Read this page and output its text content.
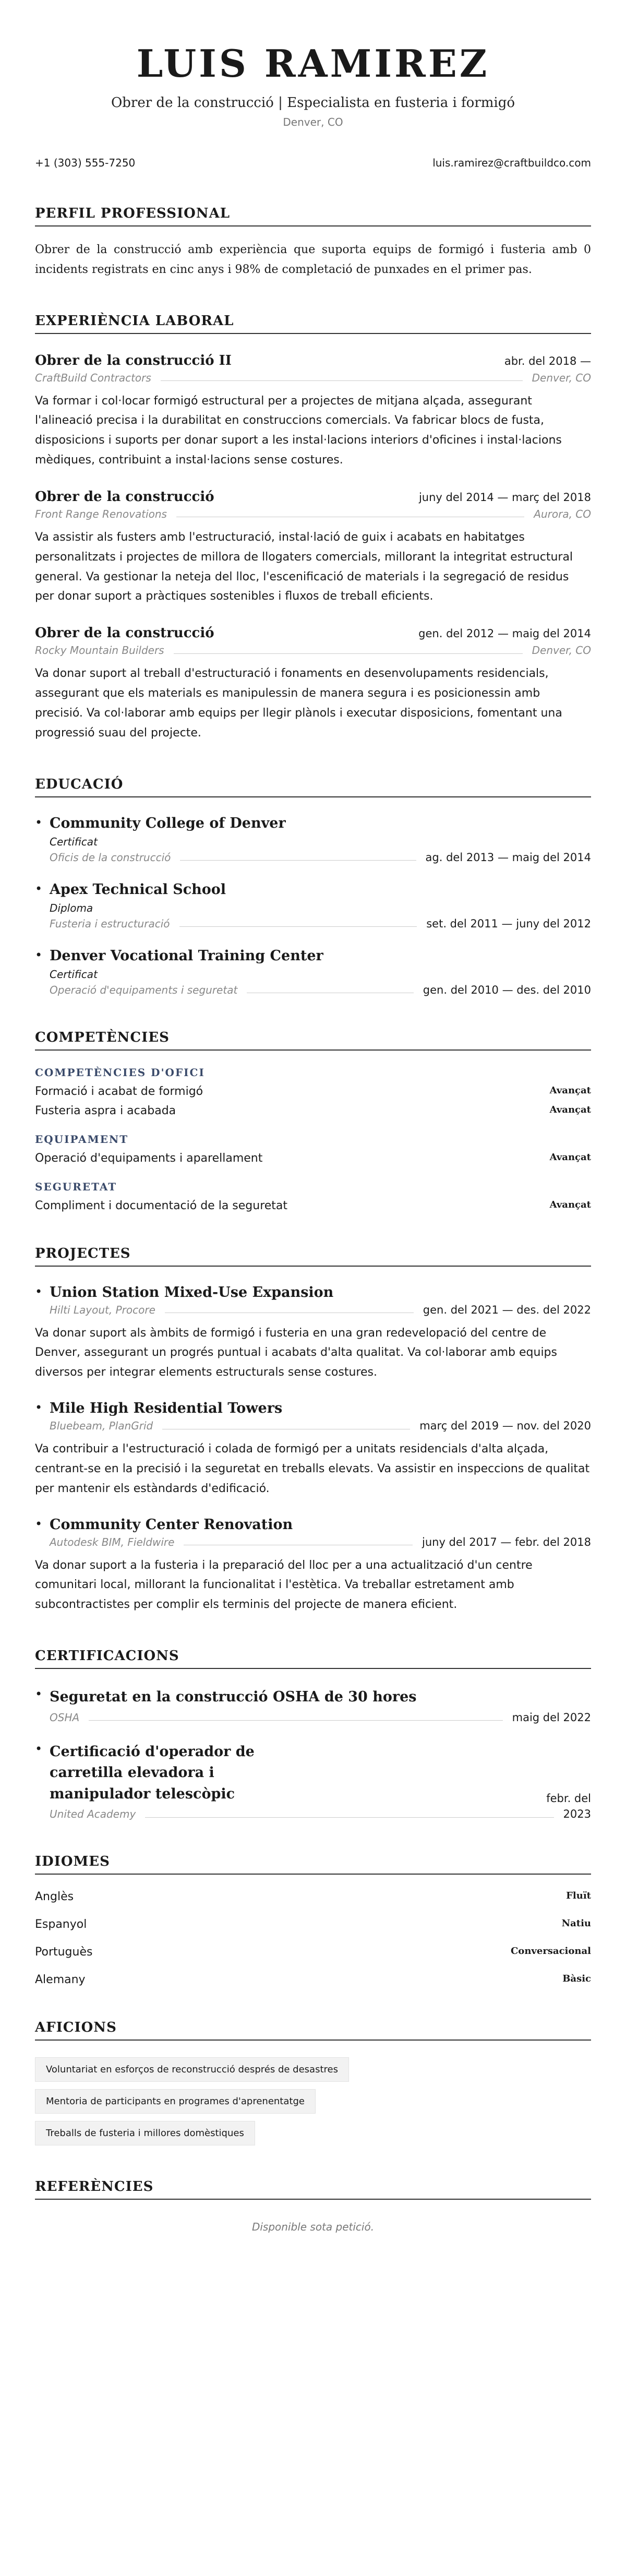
LUIS RAMIREZ
Obrer de la construcció | Especialista en fusteria i formigó
Denver, CO
+1 (303) 555-7250	luis.ramirez@craftbuildco.com
PERFIL PROFESSIONAL
Obrer de la construcció amb experiència que suporta equips de formigó i fusteria amb 0 incidents registrats en cinc anys i 98% de completació de punxades en el primer pas.
EXPERIÈNCIA LABORAL
Obrer de la construcció II	abr. del 2018 —
CraftBuild Contractors	Denver, CO
Va formar i col·locar formigó estructural per a projectes de mitjana alçada, assegurant l'alineació precisa i la durabilitat en construccions comercials. Va fabricar blocs de fusta, disposicions i suports per donar suport a les instal·lacions interiors d'oficines i instal·lacions mèdiques, contribuint a instal·lacions sense costures.
Obrer de la construcció	juny del 2014 — març del 2018
Front Range Renovations	Aurora, CO
Va assistir als fusters amb l'estructuració, instal·lació de guix i acabats en habitatges personalitzats i projectes de millora de llogaters comercials, millorant la integritat estructural general. Va gestionar la neteja del lloc, l'escenificació de materials i la segregació de residus per donar suport a pràctiques sostenibles i fluxos de treball eficients.
Obrer de la construcció	gen. del 2012 — maig del 2014
Rocky Mountain Builders	Denver, CO
Va donar suport al treball d'estructuració i fonaments en desenvolupaments residencials, assegurant que els materials es manipulessin de manera segura i es posicionessin amb precisió. Va col·laborar amb equips per llegir plànols i executar disposicions, fomentant una progressió suau del projecte.
EDUCACIÓ
• Community College of Denver
Certificat
Oficis de la construcció	ag. del 2013 — maig del 2014
• Apex Technical School
Diploma
Fusteria i estructuració	set. del 2011 — juny del 2012
• Denver Vocational Training Center
Certificat
Operació d'equipaments i seguretat	gen. del 2010 — des. del 2010
COMPETÈNCIES
COMPETÈNCIES D'OFICI
Formació i acabat de formigó	Avançat
Fusteria aspra i acabada	Avançat
EQUIPAMENT
Operació d'equipaments i aparellament	Avançat
SEGURETAT
Compliment i documentació de la seguretat	Avançat
PROJECTES
• Union Station Mixed-Use Expansion
Hilti Layout, Procore	gen. del 2021 — des. del 2022
Va donar suport als àmbits de formigó i fusteria en una gran redevelopació del centre de Denver, assegurant un progrés puntual i acabats d'alta qualitat. Va col·laborar amb equips diversos per integrar elements estructurals sense costures.
• Mile High Residential Towers
Bluebeam, PlanGrid	març del 2019 — nov. del 2020
Va contribuir a l'estructuració i colada de formigó per a unitats residencials d'alta alçada, centrant-se en la precisió i la seguretat en treballs elevats. Va assistir en inspeccions de qualitat per mantenir els estàndards d'edificació.
• Community Center Renovation
Autodesk BIM, Fieldwire	juny del 2017 — febr. del 2018
Va donar suport a la fusteria i la preparació del lloc per a una actualització d'un centre comunitari local, millorant la funcionalitat i l'estètica. Va treballar estretament amb subcontractistes per complir els terminis del projecte de manera eficient.
CERTIFICACIONS
• Seguretat en la construcció OSHA de 30 hores
OSHA	maig del 2022
• Certificació d'operador de carretilla elevadora i manipulador telescòpic	febr. del
United Academy	2023
IDIOMES
Anglès	Fluït
Espanyol	Natiu
Portuguès	Conversacional
Alemany	Bàsic
AFICIONS
Voluntariat en esforços de reconstrucció després de desastres
Mentoria de participants en programes d'aprenentatge
Treballs de fusteria i millores domèstiques
REFERÈNCIES
Disponible sota petició.
